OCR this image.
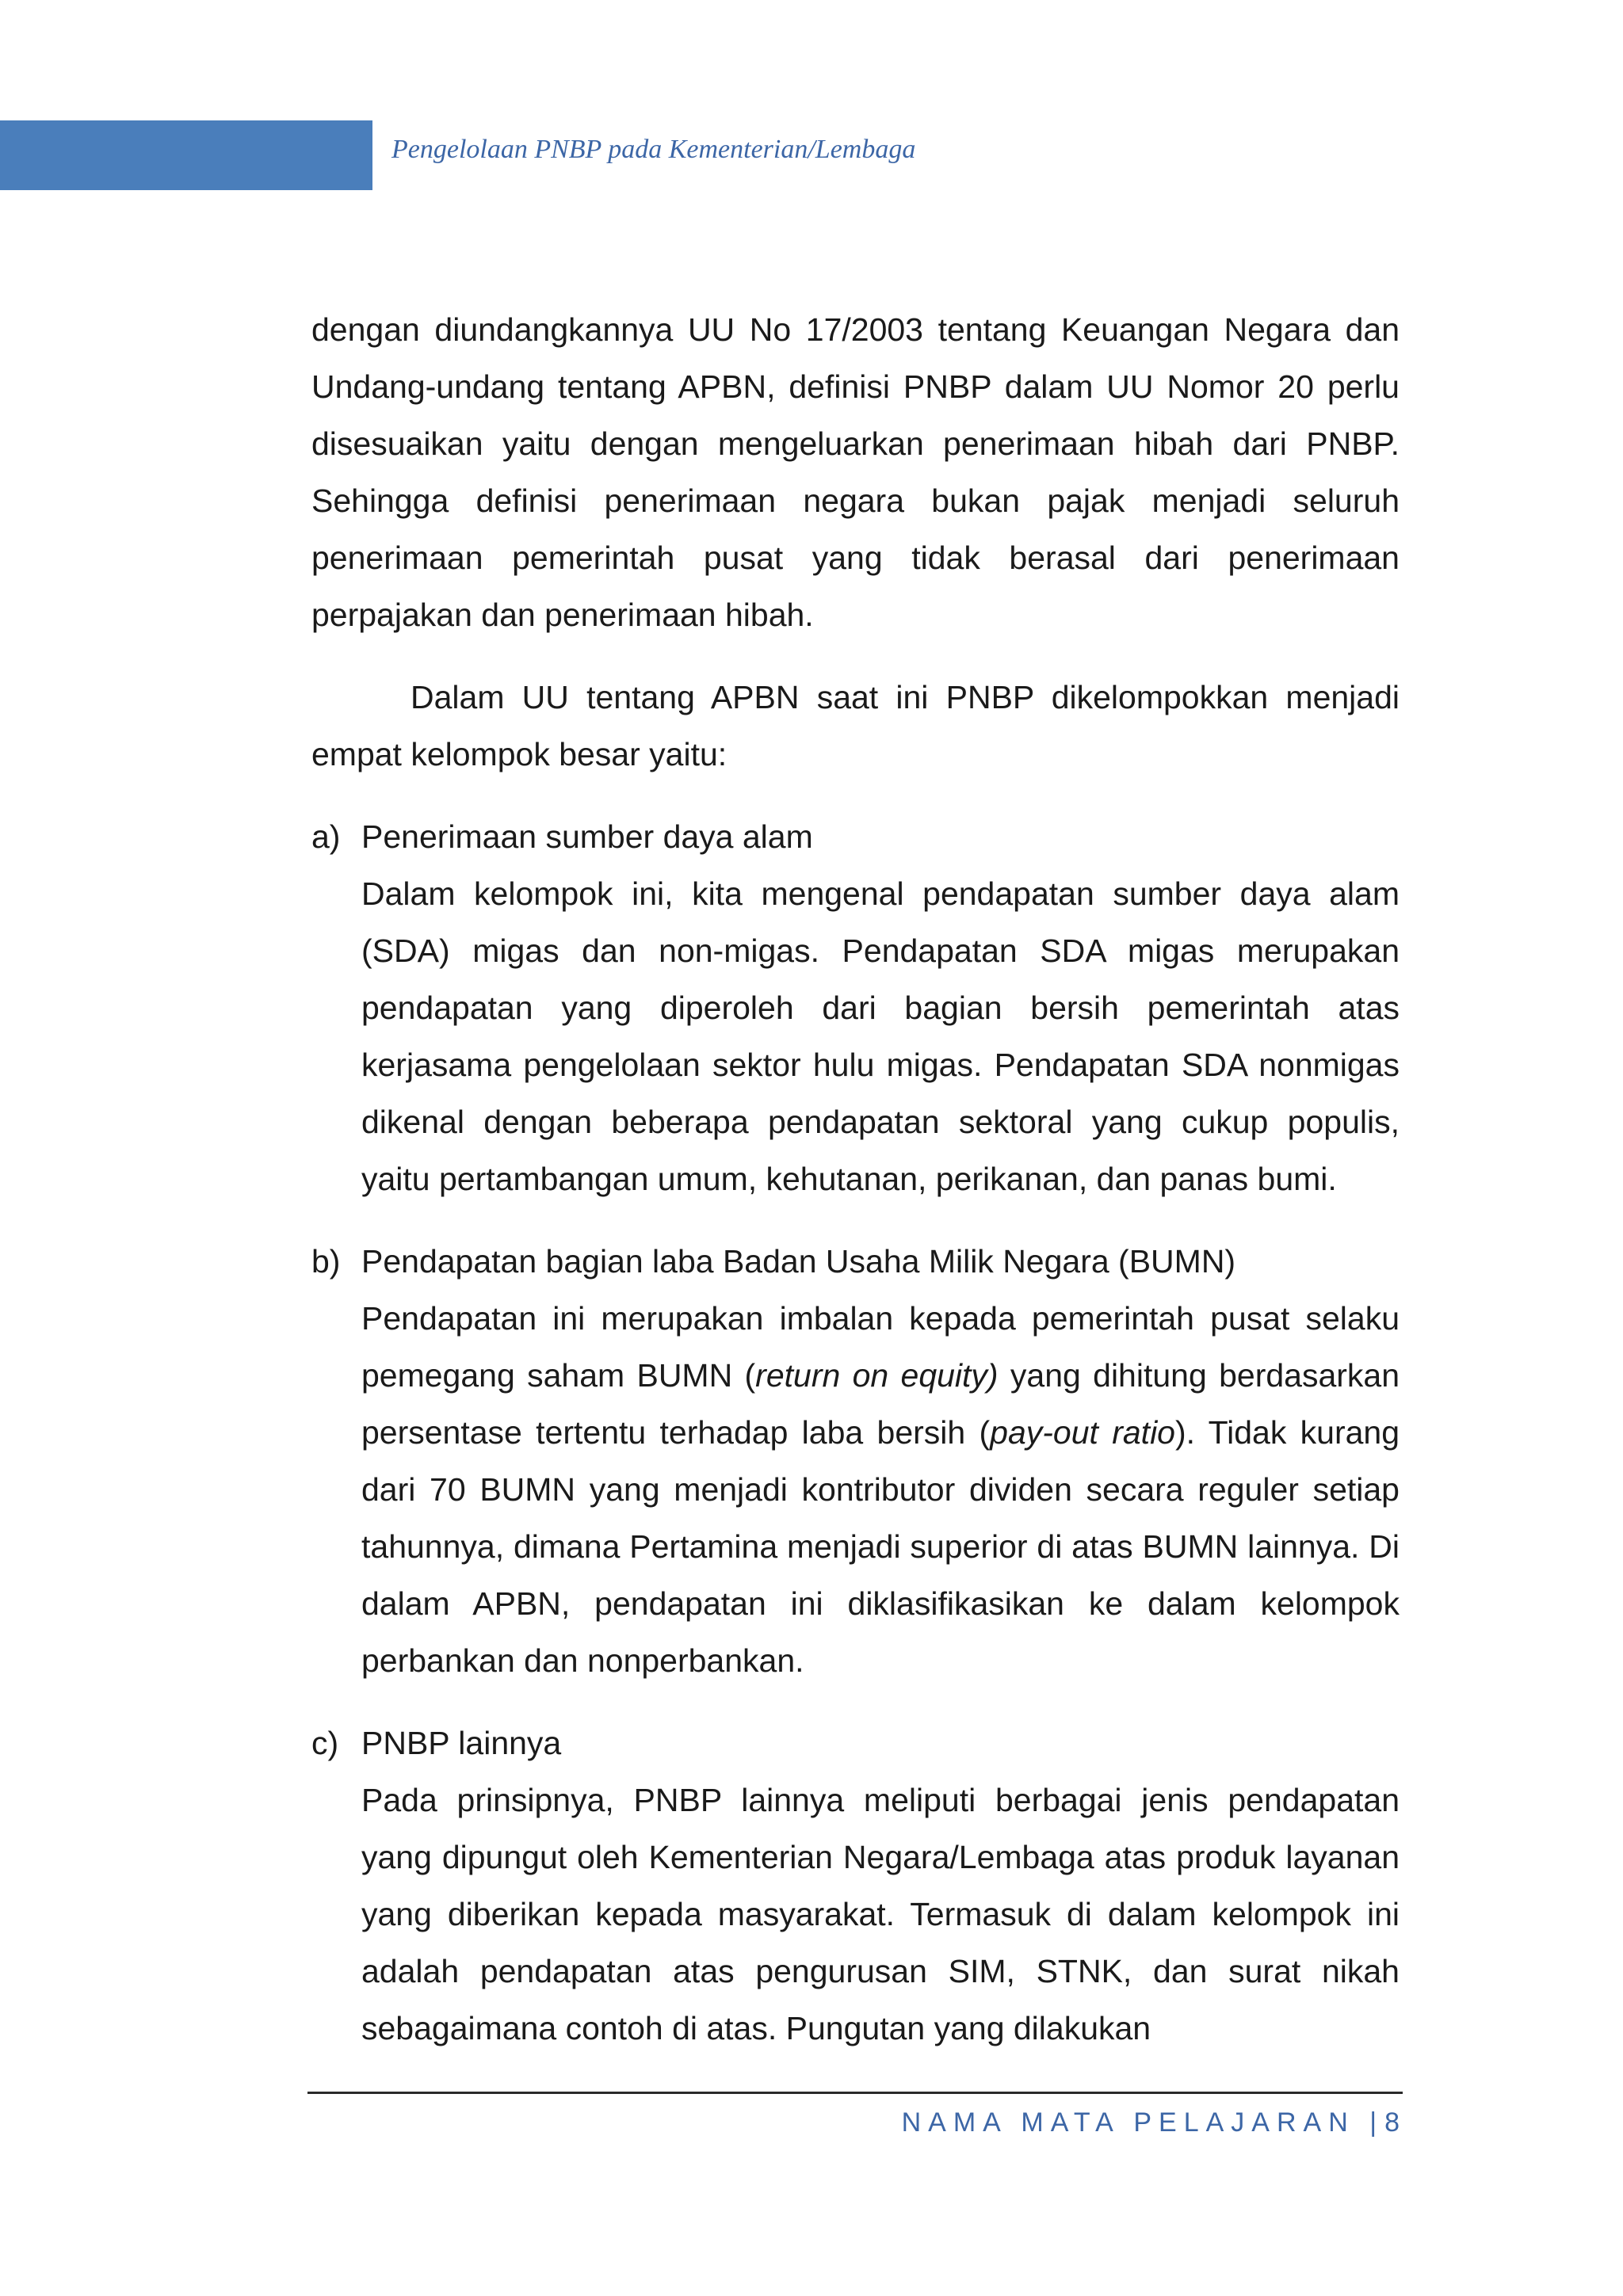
Pengelolaan PNBP pada Kementerian/Lembaga

dengan diundangkannya UU No 17/2003 tentang Keuangan Negara dan Undang-undang tentang APBN, definisi PNBP dalam UU Nomor 20 perlu disesuaikan yaitu dengan mengeluarkan penerimaan hibah dari PNBP. Sehingga definisi penerimaan negara bukan pajak menjadi seluruh penerimaan pemerintah pusat yang tidak berasal dari penerimaan perpajakan dan penerimaan hibah.

Dalam UU tentang APBN saat ini PNBP dikelompokkan menjadi empat kelompok besar yaitu:

a) Penerimaan sumber daya alam

Dalam kelompok ini, kita mengenal pendapatan sumber daya alam (SDA) migas dan non-migas. Pendapatan SDA migas merupakan pendapatan yang diperoleh dari bagian bersih pemerintah atas kerjasama pengelolaan sektor hulu migas. Pendapatan SDA nonmigas dikenal dengan beberapa pendapatan sektoral yang cukup populis, yaitu pertambangan umum, kehutanan, perikanan, dan panas bumi.

b) Pendapatan bagian laba Badan Usaha Milik Negara (BUMN)

Pendapatan ini merupakan imbalan kepada pemerintah pusat selaku pemegang saham BUMN (return on equity) yang dihitung berdasarkan persentase tertentu terhadap laba bersih (pay-out ratio). Tidak kurang dari 70 BUMN yang menjadi kontributor dividen secara reguler setiap tahunnya, dimana Pertamina menjadi superior di atas BUMN lainnya. Di dalam APBN, pendapatan ini diklasifikasikan ke dalam kelompok perbankan dan nonperbankan.

c) PNBP lainnya

Pada prinsipnya, PNBP lainnya meliputi berbagai jenis pendapatan yang dipungut oleh Kementerian Negara/Lembaga atas produk layanan yang diberikan kepada masyarakat. Termasuk di dalam kelompok ini adalah pendapatan atas pengurusan SIM, STNK, dan surat nikah sebagaimana contoh di atas. Pungutan yang dilakukan

NAMA MATA PELAJARAN | 8
